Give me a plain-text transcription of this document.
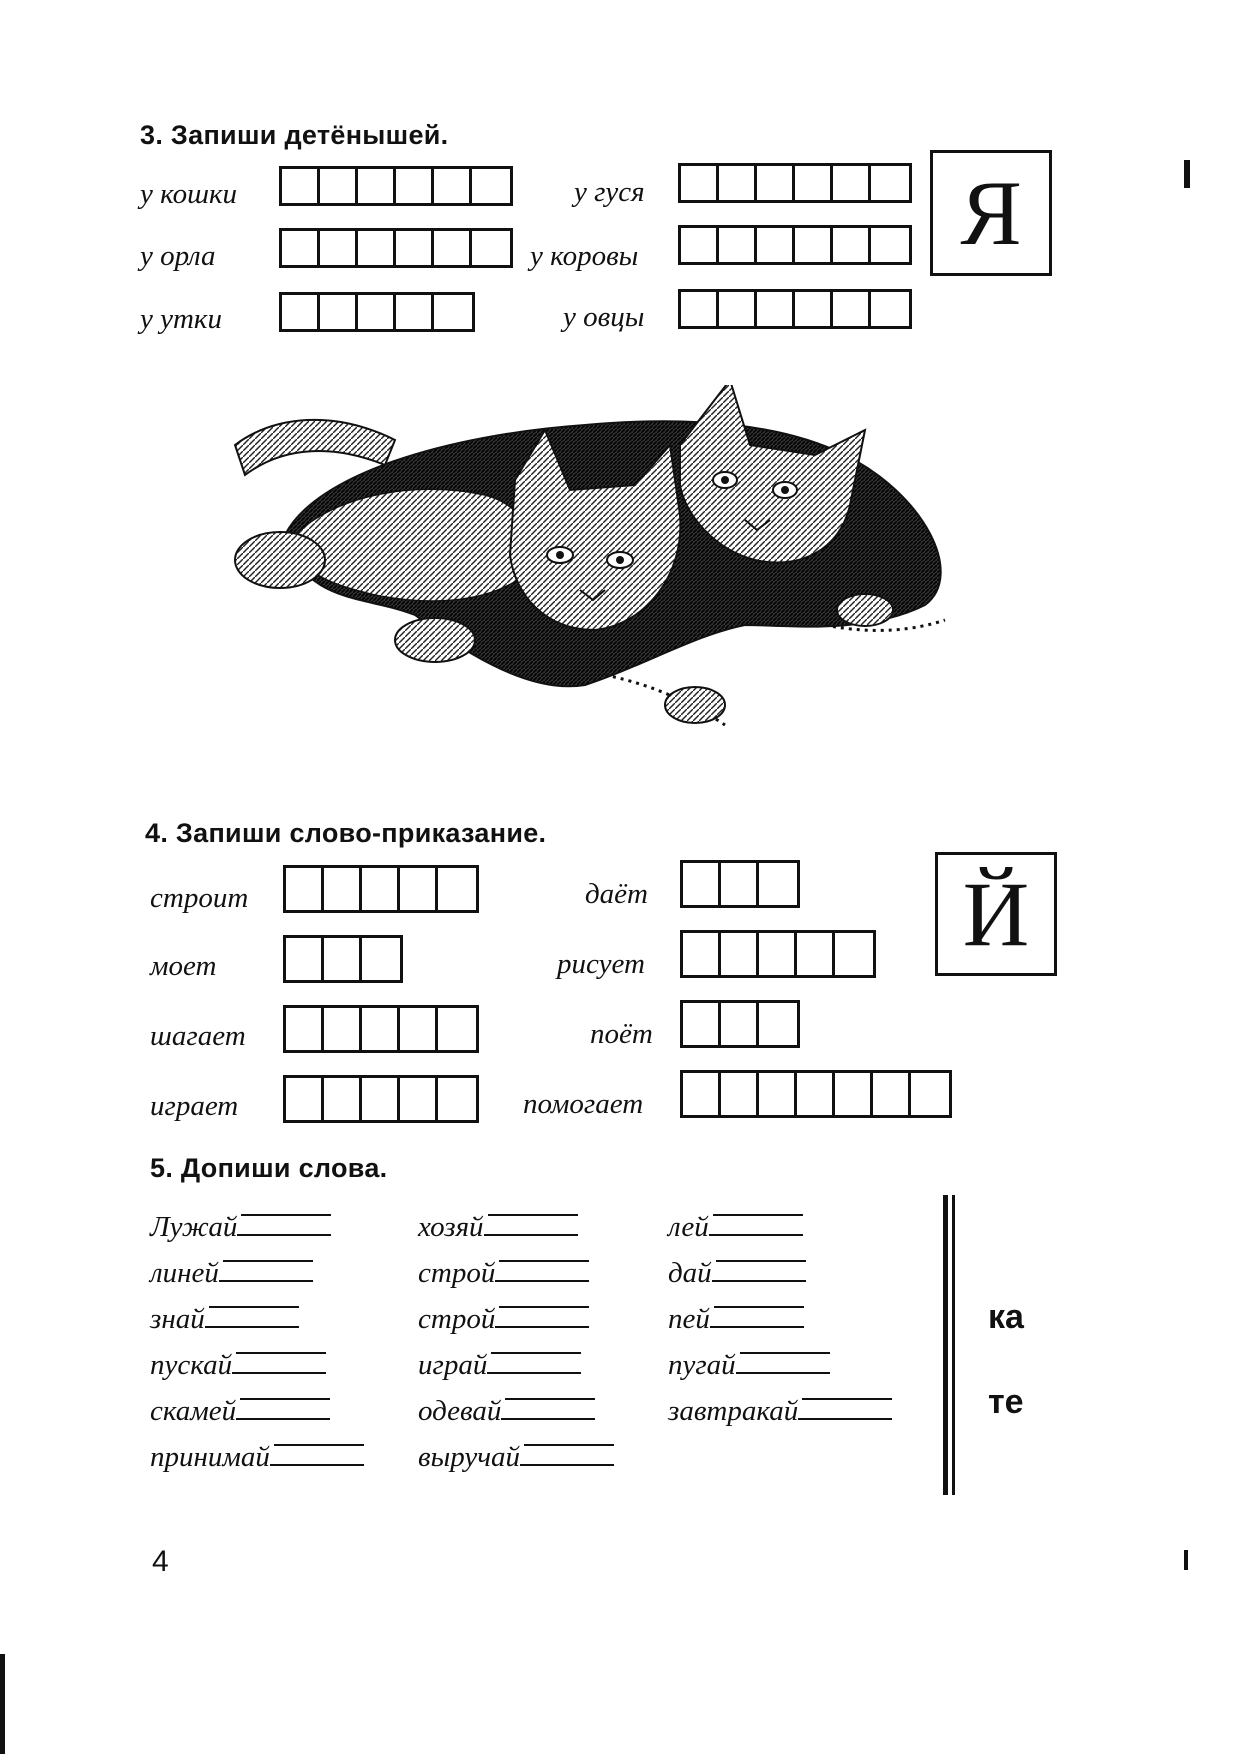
3. Запиши детёнышей.
у кошки	у гуся
у орла	у коровы
у утки	у овцы
Я
4. Запиши слово-приказание.
строит	даёт
моет	рисует
шагает	поёт
играет	помогает
Й
5. Допиши слова.
Лужай
линей
знай
пускай
скамей
принимай
хозяй
строй
строй
играй
одевай
выручай
лей
дай
пей
пугай
завтракай
ка
те
4
